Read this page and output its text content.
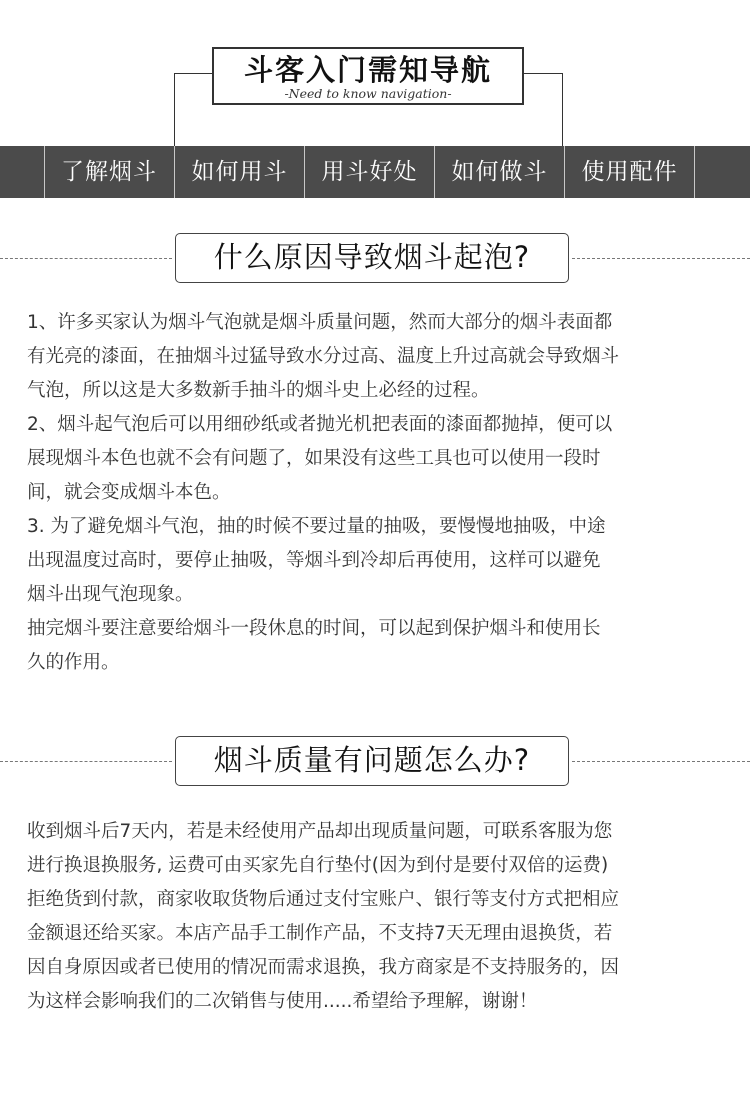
斗客入门需知导航
-Need to know navigation-
了解烟斗	如何用斗	用斗好处	如何做斗	使用配件
什么原因导致烟斗起泡?

1、许多买家认为烟斗气泡就是烟斗质量问题，然而大部分的烟斗表面都

有光亮的漆面，在抽烟斗过猛导致水分过高、温度上升过高就会导致烟斗

气泡，所以这是大多数新手抽斗的烟斗史上必经的过程。

2、烟斗起气泡后可以用细砂纸或者抛光机把表面的漆面都抛掉，便可以

展现烟斗本色也就不会有问题了，如果没有这些工具也可以使用一段时

间，就会变成烟斗本色。

3. 为了避免烟斗气泡，抽的时候不要过量的抽吸，要慢慢地抽吸，中途

出现温度过高时，要停止抽吸，等烟斗到冷却后再使用，这样可以避免

烟斗出现气泡现象。

抽完烟斗要注意要给烟斗一段休息的时间，可以起到保护烟斗和使用长

久的作用。

烟斗质量有问题怎么办?

收到烟斗后7天内，若是未经使用产品却出现质量问题，可联系客服为您

进行换退换服务, 运费可由买家先自行垫付(因为到付是要付双倍的运费)

拒绝货到付款，商家收取货物后通过支付宝账户、银行等支付方式把相应

金额退还给买家。本店产品手工制作产品，不支持7天无理由退换货，若

因自身原因或者已使用的情况而需求退换，我方商家是不支持服务的，因

为这样会影响我们的二次销售与使用.....希望给予理解，谢谢！
